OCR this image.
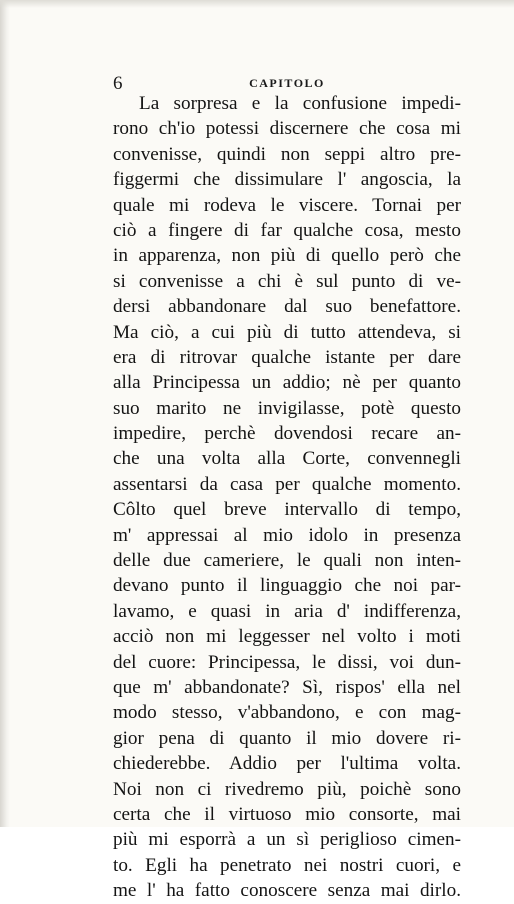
6	CAPITOLO
La sorpresa e la confusione impedi-
rono ch'io potessi discernere che cosa mi
convenisse, quindi non seppi altro pre-
figgermi che dissimulare l' angoscia, la
quale mi rodeva le viscere. Tornai per
ciò a fingere di far qualche cosa, mesto
in apparenza, non più di quello però che
si convenisse a chi è sul punto di ve-
dersi abbandonare dal suo benefattore.
Ma ciò, a cui più di tutto attendeva, si
era di ritrovar qualche istante per dare
alla Principessa un addio; nè per quanto
suo marito ne invigilasse, potè questo
impedire, perchè dovendosi recare an-
che una volta alla Corte, convennegli
assentarsi da casa per qualche momento.
Côlto quel breve intervallo di tempo,
m' appressai al mio idolo in presenza
delle due cameriere, le quali non inten-
devano punto il linguaggio che noi par-
lavamo, e quasi in aria d' indifferenza,
acciò non mi leggesser nel volto i moti
del cuore: Principessa, le dissi, voi dun-
que m' abbandonate? Sì, rispos' ella nel
modo stesso, v'abbandono, e con mag-
gior pena di quanto il mio dovere ri-
chiederebbe. Addio per l'ultima volta.
Noi non ci rivedremo più, poichè sono
certa che il virtuoso mio consorte, mai
più mi esporrà a un sì periglioso cimen-
to. Egli ha penetrato nei nostri cuori, e
me l' ha fatto conoscere senza mai dirlo.
